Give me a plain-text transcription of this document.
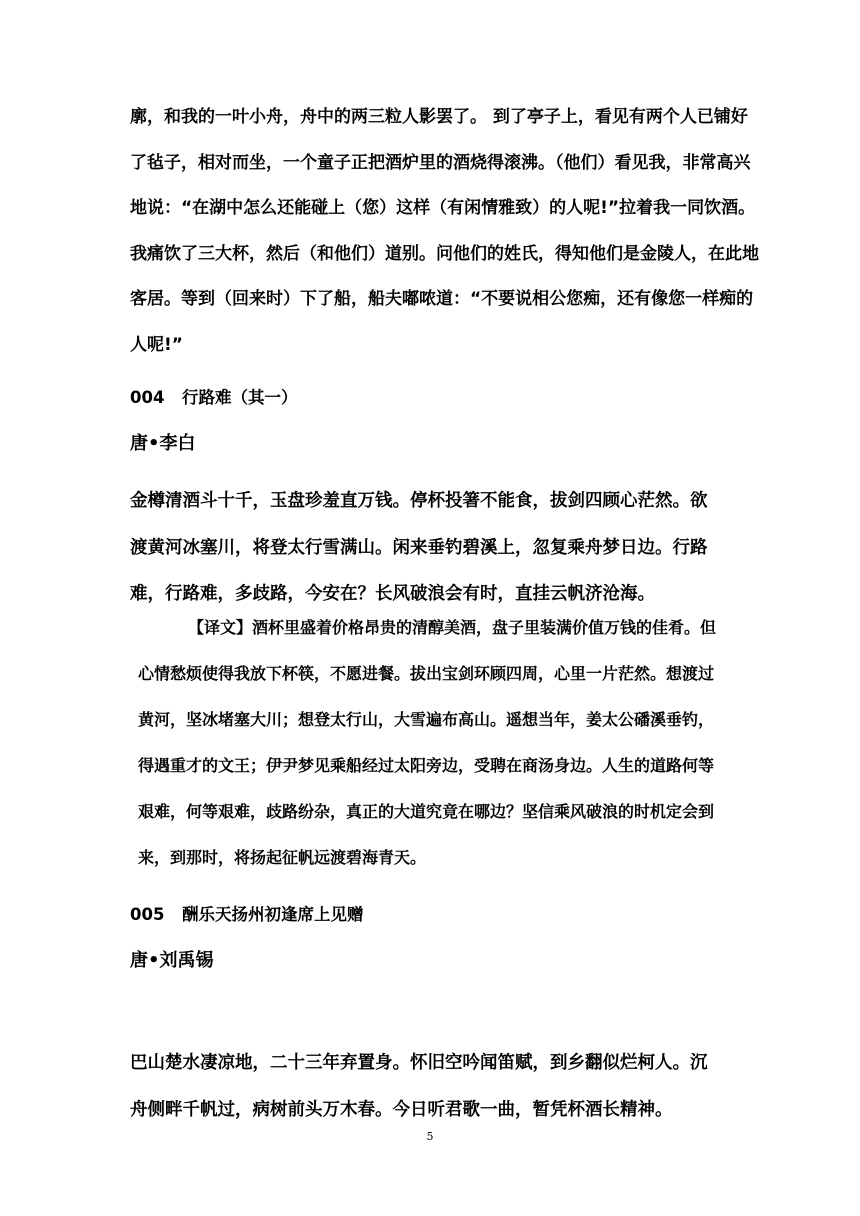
廓，和我的一叶小舟，舟中的两三粒人影罢了。 到了亭子上，看见有两个人已铺好
了毡子，相对而坐，一个童子正把酒炉里的酒烧得滚沸。（他们）看见我，非常高兴
地说：“在湖中怎么还能碰上（您）这样（有闲情雅致）的人呢!”拉着我一同饮酒。
我痛饮了三大杯，然后（和他们）道别。问他们的姓氏，得知他们是金陵人，在此地
客居。等到（回来时）下了船，船夫嘟哝道：“不要说相公您痴，还有像您一样痴的
人呢!”
004 行路难（其一）
唐•李白
金樽清酒斗十千，玉盘珍羞直万钱。停杯投箸不能食，拔剑四顾心茫然。欲
渡黄河冰塞川，将登太行雪满山。闲来垂钓碧溪上，忽复乘舟梦日边。行路
难，行路难，多歧路，今安在？长风破浪会有时，直挂云帆济沧海。
【译文】酒杯里盛着价格昂贵的清醇美酒，盘子里装满价值万钱的佳肴。但
心情愁烦使得我放下杯筷，不愿进餐。拔出宝剑环顾四周，心里一片茫然。想渡过
黄河，坚冰堵塞大川；想登太行山，大雪遍布高山。遥想当年，姜太公磻溪垂钓，
得遇重才的文王；伊尹梦见乘船经过太阳旁边，受聘在商汤身边。人生的道路何等
艰难，何等艰难，歧路纷杂，真正的大道究竟在哪边？坚信乘风破浪的时机定会到
来，到那时，将扬起征帆远渡碧海青天。
005 酬乐天扬州初逢席上见赠
唐•刘禹锡
巴山楚水凄凉地，二十三年弃置身。怀旧空吟闻笛赋，到乡翻似烂柯人。沉
舟侧畔千帆过，病树前头万木春。今日听君歌一曲，暂凭杯酒长精神。
5
